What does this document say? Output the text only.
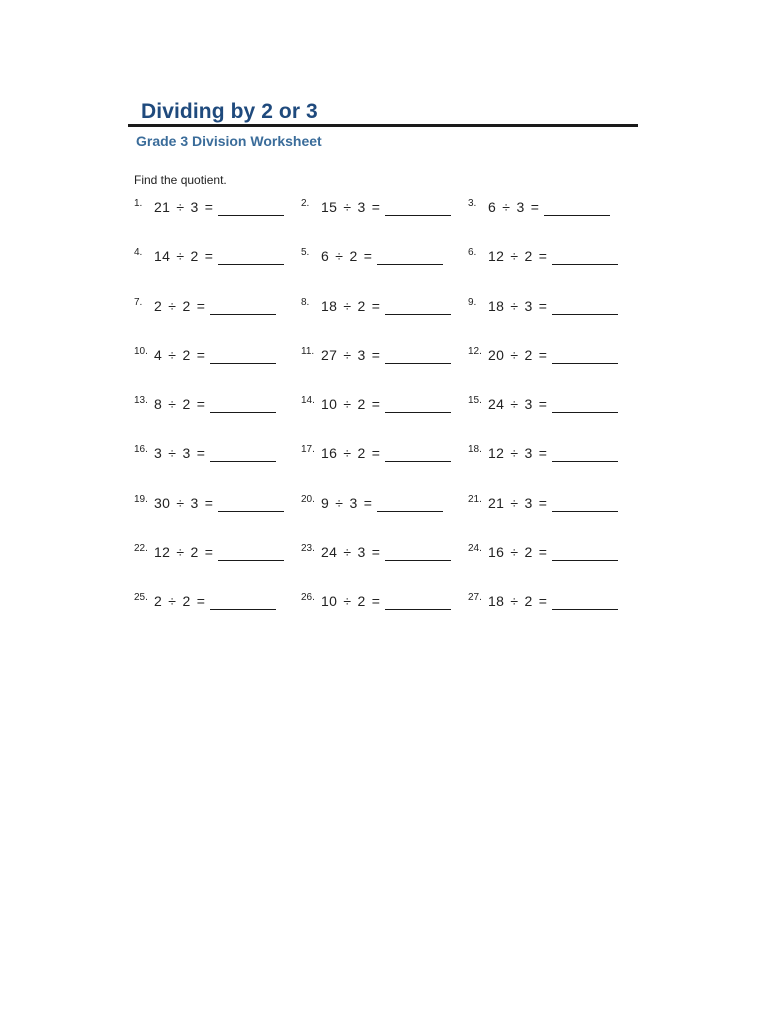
Dividing by 2 or 3
Grade 3 Division Worksheet

Find the quotient.

1. 21 ÷ 3 =	2. 15 ÷ 3 =	3. 6 ÷ 3 =
4. 14 ÷ 2 =	5. 6 ÷ 2 =	6. 12 ÷ 2 =
7. 2 ÷ 2 =	8. 18 ÷ 2 =	9. 18 ÷ 3 =
10. 4 ÷ 2 =	11. 27 ÷ 3 =	12. 20 ÷ 2 =
13. 8 ÷ 2 =	14. 10 ÷ 2 =	15. 24 ÷ 3 =
16. 3 ÷ 3 =	17. 16 ÷ 2 =	18. 12 ÷ 3 =
19. 30 ÷ 3 =	20. 9 ÷ 3 =	21. 21 ÷ 3 =
22. 12 ÷ 2 =	23. 24 ÷ 3 =	24. 16 ÷ 2 =
25. 2 ÷ 2 =	26. 10 ÷ 2 =	27. 18 ÷ 2 =
